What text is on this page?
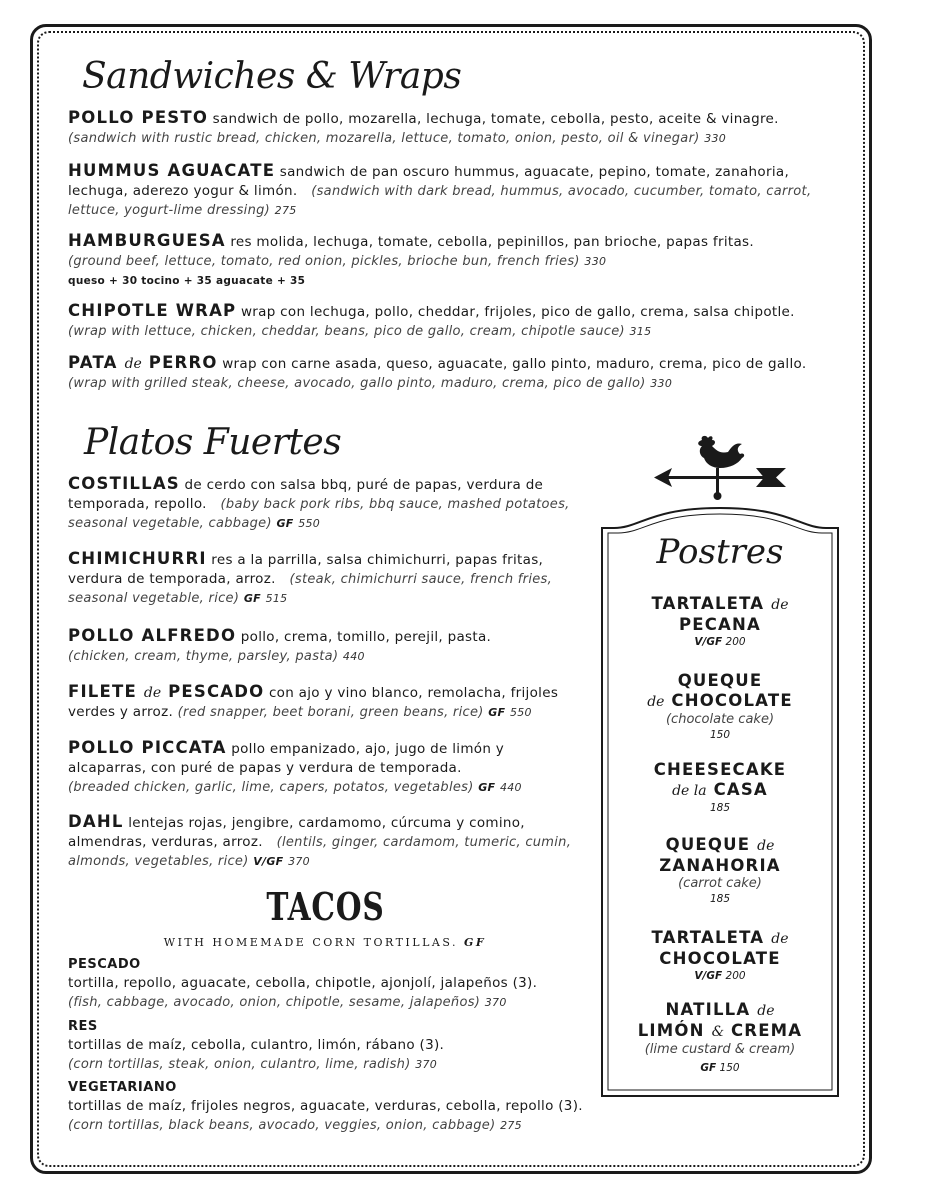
Sandwiches & Wraps
POLLO PESTO sandwich de pollo, mozarella, lechuga, tomate, cebolla, pesto, aceite & vinagre.
(sandwich with rustic bread, chicken, mozarella, lettuce, tomato, onion, pesto, oil & vinegar) 330
HUMMUS AGUACATE sandwich de pan oscuro hummus, aguacate, pepino, tomate, zanahoria, lechuga, aderezo yogur & limón. (sandwich with dark bread, hummus, avocado, cucumber, tomato, carrot, lettuce, yogurt-lime dressing) 275
HAMBURGUESA res molida, lechuga, tomate, cebolla, pepinillos, pan brioche, papas fritas.
(ground beef, lettuce, tomato, red onion, pickles, brioche bun, french fries) 330
queso + 30 tocino + 35 aguacate + 35
CHIPOTLE WRAP wrap con lechuga, pollo, cheddar, frijoles, pico de gallo, crema, salsa chipotle.
(wrap with lettuce, chicken, cheddar, beans, pico de gallo, cream, chipotle sauce) 315
PATA de PERRO wrap con carne asada, queso, aguacate, gallo pinto, maduro, crema, pico de gallo.
(wrap with grilled steak, cheese, avocado, gallo pinto, maduro, crema, pico de gallo) 330
Platos Fuertes
COSTILLAS de cerdo con salsa bbq, puré de papas, verdura de temporada, repollo. (baby back pork ribs, bbq sauce, mashed potatoes, seasonal vegetable, cabbage) GF 550
CHIMICHURRI res a la parrilla, salsa chimichurri, papas fritas, verdura de temporada, arroz. (steak, chimichurri sauce, french fries, seasonal vegetable, rice) GF 515
POLLO ALFREDO pollo, crema, tomillo, perejil, pasta.
(chicken, cream, thyme, parsley, pasta) 440
FILETE de PESCADO con ajo y vino blanco, remolacha, frijoles verdes y arroz. (red snapper, beet borani, green beans, rice) GF 550
POLLO PICCATA pollo empanizado, ajo, jugo de limón y alcaparras, con puré de papas y verdura de temporada.
(breaded chicken, garlic, lime, capers, potatos, vegetables) GF 440
DAHL lentejas rojas, jengibre, cardamomo, cúrcuma y comino, almendras, verduras, arroz. (lentils, ginger, cardamom, tumeric, cumin, almonds, vegetables, rice) V/GF 370
TACOS
WITH HOMEMADE CORN TORTILLAS. GF
PESCADO
tortilla, repollo, aguacate, cebolla, chipotle, ajonjolí, jalapeños (3).
(fish, cabbage, avocado, onion, chipotle, sesame, jalapeños) 370
RES
tortillas de maíz, cebolla, culantro, limón, rábano (3).
(corn tortillas, steak, onion, culantro, lime, radish) 370
VEGETARIANO
tortillas de maíz, frijoles negros, aguacate, verduras, cebolla, repollo (3).
(corn tortillas, black beans, avocado, veggies, onion, cabbage) 275
Postres
TARTALETA de
PECANA
V/GF 200
QUEQUE
de CHOCOLATE
(chocolate cake)
150
CHEESECAKE
de la CASA
185
QUEQUE de
ZANAHORIA
(carrot cake)
185
TARTALETA de
CHOCOLATE
V/GF 200
NATILLA de
LIMÓN & CREMA
(lime custard & cream)
GF 150
